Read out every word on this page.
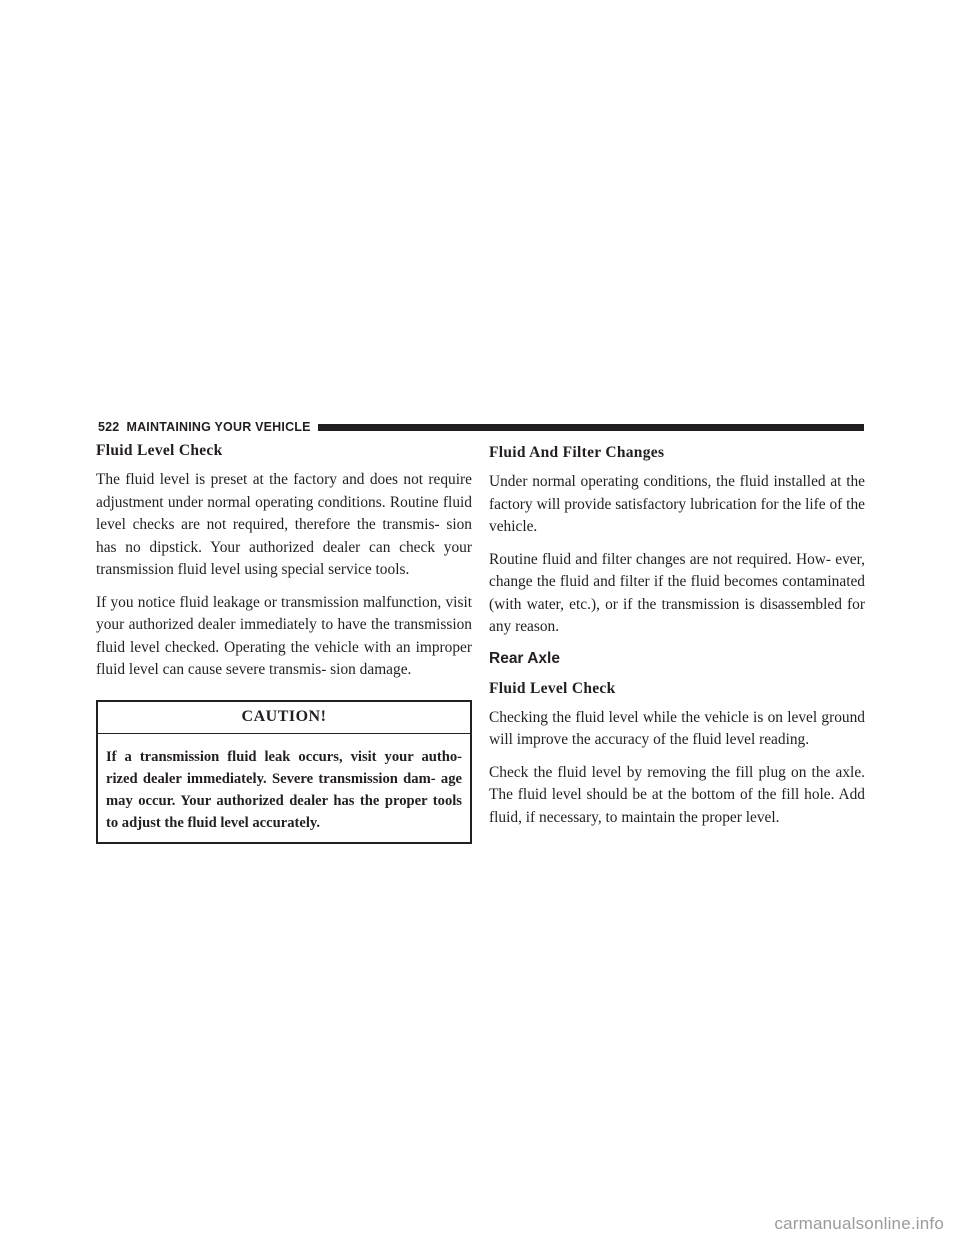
522 MAINTAINING YOUR VEHICLE
Fluid Level Check

The fluid level is preset at the factory and does not require adjustment under normal operating conditions. Routine fluid level checks are not required, therefore the transmis- sion has no dipstick. Your authorized dealer can check your transmission fluid level using special service tools.

If you notice fluid leakage or transmission malfunction, visit your authorized dealer immediately to have the transmission fluid level checked. Operating the vehicle with an improper fluid level can cause severe transmis- sion damage.

CAUTION!
If a transmission fluid leak occurs, visit your autho- rized dealer immediately. Severe transmission dam- age may occur. Your authorized dealer has the proper tools to adjust the fluid level accurately.
Fluid And Filter Changes

Under normal operating conditions, the fluid installed at the factory will provide satisfactory lubrication for the life of the vehicle.

Routine fluid and filter changes are not required. How- ever, change the fluid and filter if the fluid becomes contaminated (with water, etc.), or if the transmission is disassembled for any reason.

Rear Axle
Fluid Level Check

Checking the fluid level while the vehicle is on level ground will improve the accuracy of the fluid level reading.

Check the fluid level by removing the fill plug on the axle. The fluid level should be at the bottom of the fill hole. Add fluid, if necessary, to maintain the proper level.

carmanualsonline.info
